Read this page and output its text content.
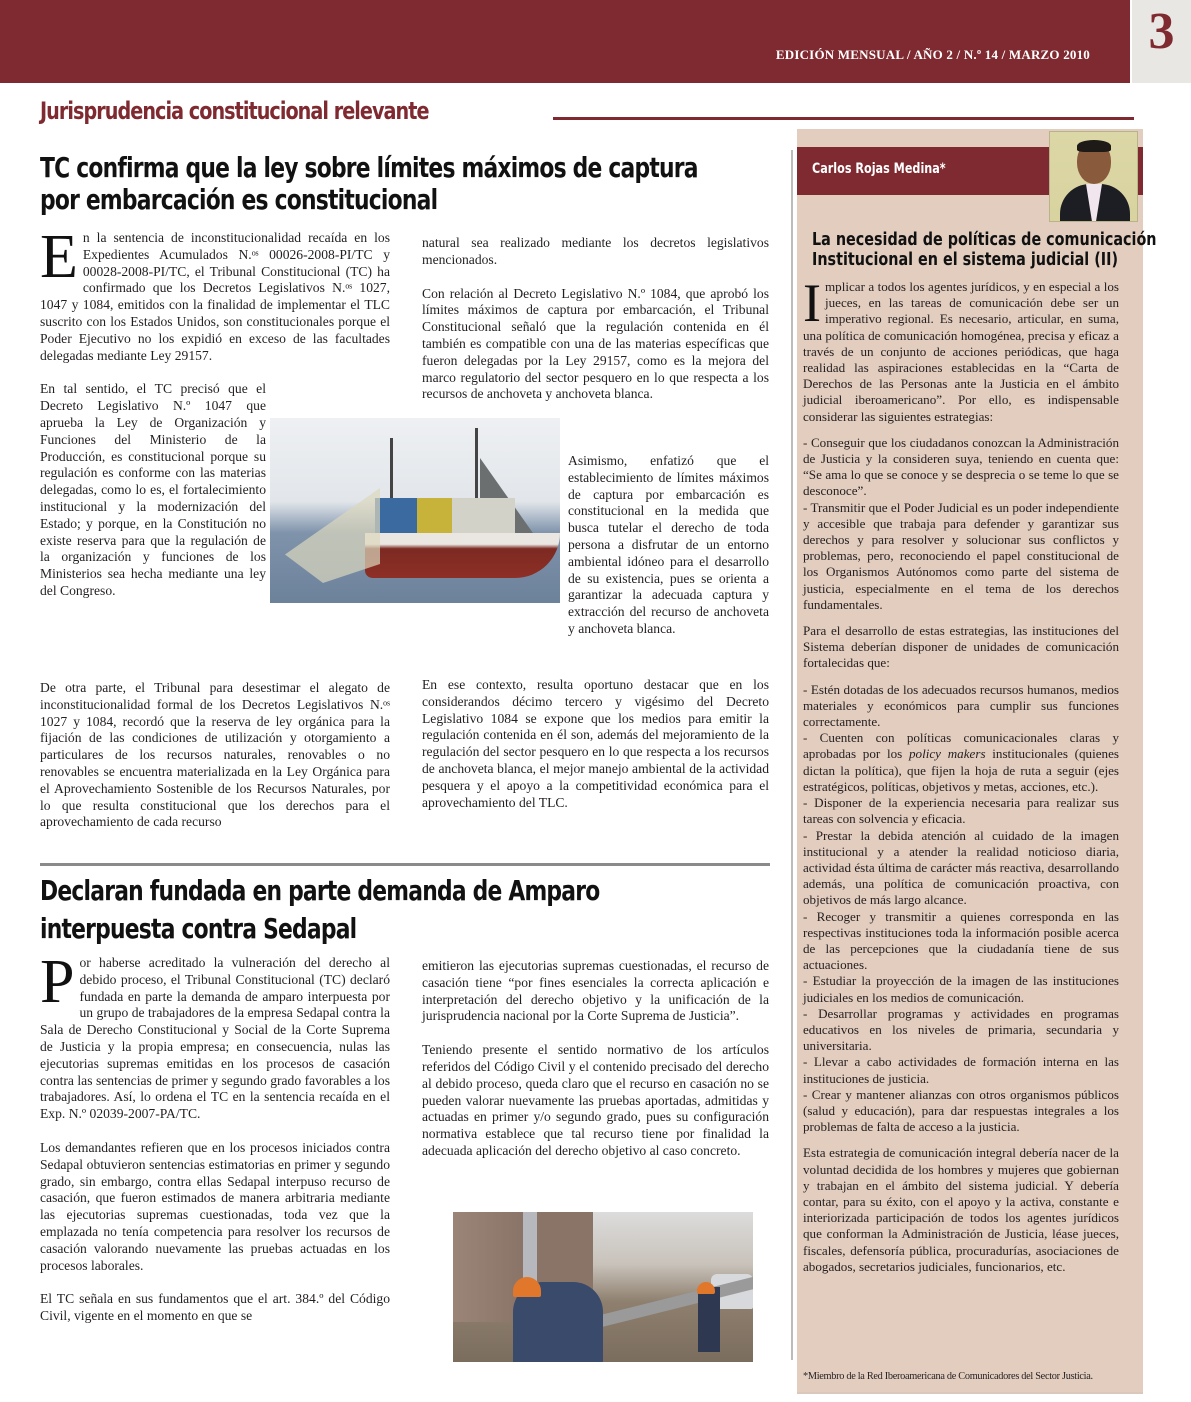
EDICIÓN MENSUAL / AÑO 2 / N.º 14 / MARZO 2010	3
Jurisprudencia constitucional relevante
TC confirma que la ley sobre límites máximos de captura
por embarcación es constitucional

En la sentencia de inconstitucionalidad recaída en los Expedientes Acumulados N.ᵒˢ 00026-2008-PI/TC y 00028-2008-PI/TC, el Tribunal Constitucional (TC) ha confirmado que los Decretos Legislativos N.ᵒˢ 1027, 1047 y 1084, emitidos con la finalidad de implementar el TLC suscrito con los Estados Unidos, son constitucionales porque el Poder Ejecutivo no los expidió en exceso de las facultades delegadas mediante Ley 29157.

En tal sentido, el TC precisó que el Decreto Legislativo N.º 1047 que aprueba la Ley de Organización y Funciones del Ministerio de la Producción, es constitucional porque su regulación es conforme con las materias delegadas, como lo es, el fortalecimiento institucional y la modernización del Estado; y porque, en la Constitución no existe reserva para que la regulación de la organización y funciones de los Ministerios sea hecha mediante una ley del Congreso.

De otra parte, el Tribunal para desestimar el alegato de inconstitucionalidad formal de los Decretos Legislativos N.ᵒˢ 1027 y 1084, recordó que la reserva de ley orgánica para la fijación de las condiciones de utilización y otorgamiento a particulares de los recursos naturales, renovables o no renovables se encuentra materializada en la Ley Orgánica para el Aprovechamiento Sostenible de los Recursos Naturales, por lo que resulta constitucional que los derechos para el aprovechamiento de cada recurso

natural sea realizado mediante los decretos legislativos mencionados.

Con relación al Decreto Legislativo N.º 1084, que aprobó los límites máximos de captura por embarcación, el Tribunal Constitucional señaló que la regulación contenida en él también es compatible con una de las materias específicas que fueron delegadas por la Ley 29157, como es la mejora del marco regulatorio del sector pesquero en lo que respecta a los recursos de anchoveta y anchoveta blanca.

Asimismo, enfatizó que el establecimiento de límites máximos de captura por embarcación es constitucional en la medida que busca tutelar el derecho de toda persona a disfrutar de un entorno ambiental idóneo para el desarrollo de su existencia, pues se orienta a garantizar la adecuada captura y extracción del recurso de anchoveta y anchoveta blanca.

En ese contexto, resulta oportuno destacar que en los considerandos décimo tercero y vigésimo del Decreto Legislativo 1084 se expone que los medios para emitir la regulación contenida en él son, además del mejoramiento de la regulación del sector pesquero en lo que respecta a los recursos de anchoveta blanca, el mejor manejo ambiental de la actividad pesquera y el apoyo a la competitividad económica para el aprovechamiento del TLC.

Declaran fundada en parte demanda de Amparo
interpuesta contra Sedapal

Por haberse acreditado la vulneración del derecho al debido proceso, el Tribunal Constitucional (TC) declaró fundada en parte la demanda de amparo interpuesta por un grupo de trabajadores de la empresa Sedapal contra la Sala de Derecho Constitucional y Social de la Corte Suprema de Justicia y la propia empresa; en consecuencia, nulas las ejecutorias supremas emitidas en los procesos de casación contra las sentencias de primer y segundo grado favorables a los trabajadores. Así, lo ordena el TC en la sentencia recaída en el Exp. N.º 02039-2007-PA/TC.

Los demandantes refieren que en los procesos iniciados contra Sedapal obtuvieron sentencias estimatorias en primer y segundo grado, sin embargo, contra ellas Sedapal interpuso recurso de casación, que fueron estimados de manera arbitraria mediante las ejecutorias supremas cuestionadas, toda vez que la emplazada no tenía competencia para resolver los recursos de casación valorando nuevamente las pruebas actuadas en los procesos laborales.

El TC señala en sus fundamentos que el art. 384.º del Código Civil, vigente en el momento en que se

emitieron las ejecutorias supremas cuestionadas, el recurso de casación tiene “por fines esenciales la correcta aplicación e interpretación del derecho objetivo y la unificación de la jurisprudencia nacional por la Corte Suprema de Justicia”.

Teniendo presente el sentido normativo de los artículos referidos del Código Civil y el contenido precisado del derecho al debido proceso, queda claro que el recurso en casación no se pueden valorar nuevamente las pruebas aportadas, admitidas y actuadas en primer y/o segundo grado, pues su configuración normativa establece que tal recurso tiene por finalidad la adecuada aplicación del derecho objetivo al caso concreto.

Carlos Rojas Medina*
La necesidad de políticas de comunicación
Institucional en el sistema judicial (II)

Implicar a todos los agentes jurídicos, y en especial a los jueces, en las tareas de comunicación debe ser un imperativo regional. Es necesario, articular, en suma, una política de comunicación homogénea, precisa y eficaz a través de un conjunto de acciones periódicas, que haga realidad las aspiraciones establecidas en la “Carta de Derechos de las Personas ante la Justicia en el ámbito judicial iberoamericano”. Por ello, es indispensable considerar las siguientes estrategias:

- Conseguir que los ciudadanos conozcan la Administración de Justicia y la consideren suya, teniendo en cuenta que: “Se ama lo que se conoce y se desprecia o se teme lo que se desconoce”.

- Transmitir que el Poder Judicial es un poder independiente y accesible que trabaja para defender y garantizar sus derechos y para resolver y solucionar sus conflictos y problemas, pero, reconociendo el papel constitucional de los Organismos Autónomos como parte del sistema de justicia, especialmente en el tema de los derechos fundamentales.

Para el desarrollo de estas estrategias, las instituciones del Sistema deberían disponer de unidades de comunicación fortalecidas que:

- Estén dotadas de los adecuados recursos humanos, medios materiales y económicos para cumplir sus funciones correctamente.

- Cuenten con políticas comunicacionales claras y aprobadas por los policy makers institucionales (quienes dictan la política), que fijen la hoja de ruta a seguir (ejes estratégicos, políticas, objetivos y metas, acciones, etc.).

- Disponer de la experiencia necesaria para realizar sus tareas con solvencia y eficacia.

- Prestar la debida atención al cuidado de la imagen institucional y a atender la realidad noticioso diaria, actividad ésta última de carácter más reactiva, desarrollando además, una política de comunicación proactiva, con objetivos de más largo alcance.

- Recoger y transmitir a quienes corresponda en las respectivas instituciones toda la información posible acerca de las percepciones que la ciudadanía tiene de sus actuaciones.

- Estudiar la proyección de la imagen de las instituciones judiciales en los medios de comunicación.

- Desarrollar programas y actividades en programas educativos en los niveles de primaria, secundaria y universitaria.

- Llevar a cabo actividades de formación interna en las instituciones de justicia.

- Crear y mantener alianzas con otros organismos públicos (salud y educación), para dar respuestas integrales a los problemas de falta de acceso a la justicia.

Esta estrategia de comunicación integral debería nacer de la voluntad decidida de los hombres y mujeres que gobiernan y trabajan en el ámbito del sistema judicial. Y debería contar, para su éxito, con el apoyo y la activa, constante e interiorizada participación de todos los agentes jurídicos que conforman la Administración de Justicia, léase jueces, fiscales, defensoría pública, procuradurías, asociaciones de abogados, secretarios judiciales, funcionarios, etc.

*Miembro de la Red Iberoamericana de Comunicadores del Sector Justicia.
